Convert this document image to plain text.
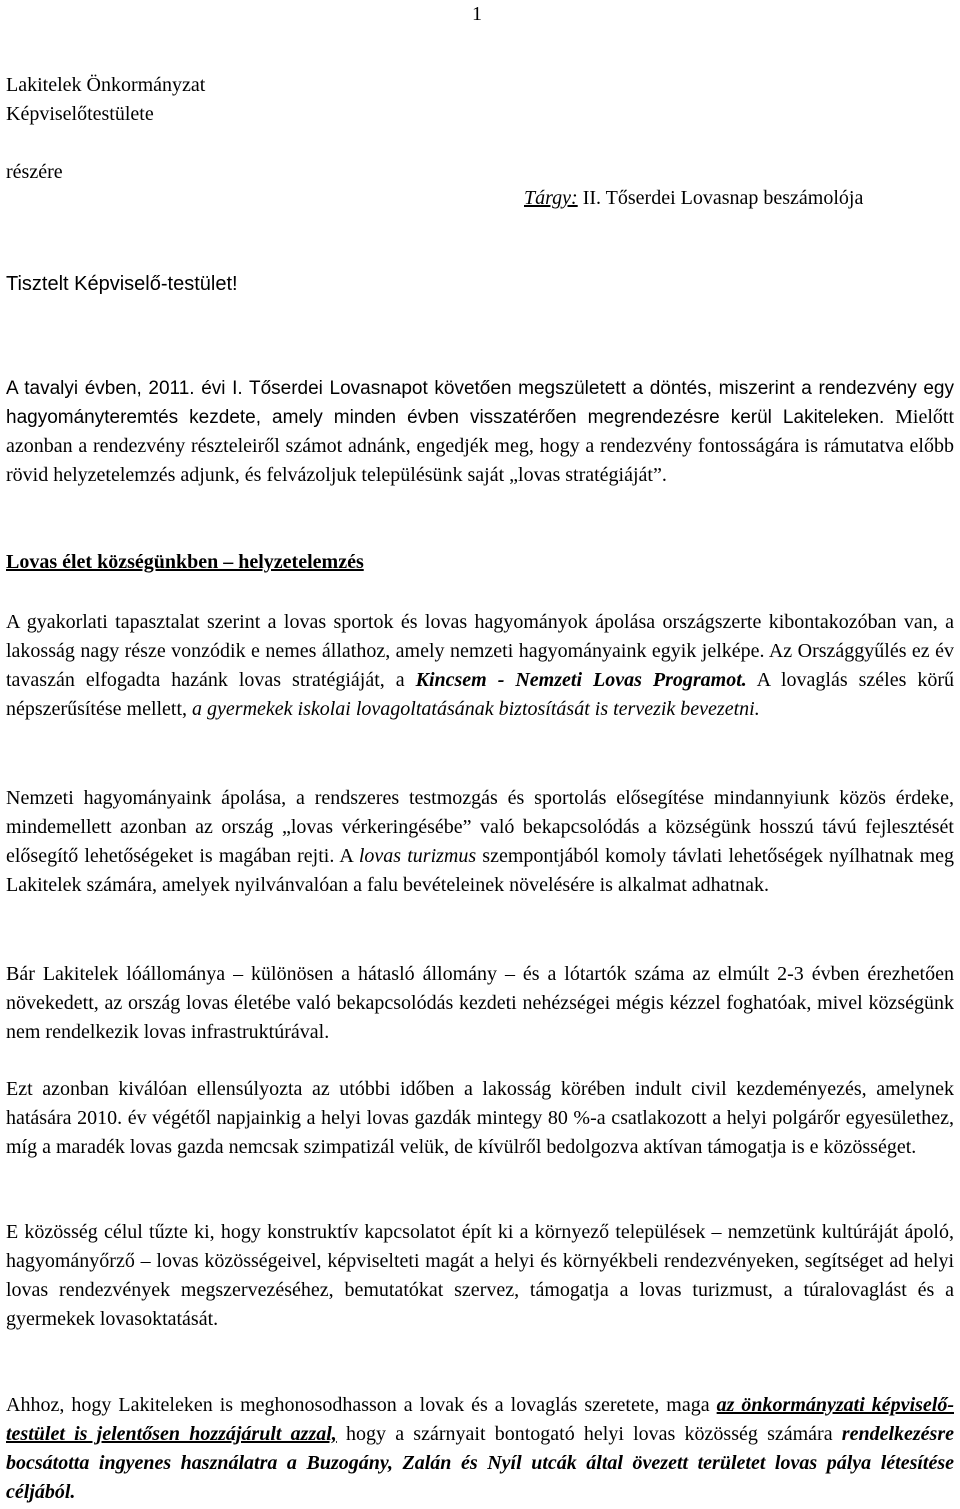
1
Lakitelek Önkormányzat
Képviselőtestülete
részére
Tárgy: II. Tőserdei Lovasnap beszámolója
Tisztelt Képviselő-testület!

A tavalyi évben, 2011. évi I. Tőserdei Lovasnapot követően megszületett a döntés, miszerint a rendezvény egy hagyományteremtés kezdete, amely minden évben visszatérően megrendezésre kerül Lakiteleken. Mielőtt azonban a rendezvény részteleiről számot adnánk, engedjék meg, hogy a rendezvény fontosságára is rámutatva előbb rövid helyzetelemzés adjunk, és felvázoljuk településünk saját „lovas stratégiáját”.

Lovas élet községünkben – helyzetelemzés

A gyakorlati tapasztalat szerint a lovas sportok és lovas hagyományok ápolása országszerte kibontakozóban van, a lakosság nagy része vonzódik e nemes állathoz, amely nemzeti hagyományaink egyik jelképe. Az Országgyűlés ez év tavaszán elfogadta hazánk lovas stratégiáját, a Kincsem - Nemzeti Lovas Programot. A lovaglás széles körű népszerűsítése mellett, a gyermekek iskolai lovagoltatásának biztosítását is tervezik bevezetni.

Nemzeti hagyományaink ápolása, a rendszeres testmozgás és sportolás elősegítése mindannyiunk közös érdeke, mindemellett azonban az ország „lovas vérkeringésébe” való bekapcsolódás a községünk hosszú távú fejlesztését elősegítő lehetőségeket is magában rejti. A lovas turizmus szempontjából komoly távlati lehetőségek nyílhatnak meg Lakitelek számára, amelyek nyilvánvalóan a falu bevételeinek növelésére is alkalmat adhatnak.

Bár Lakitelek lóállománya – különösen a hátasló állomány – és a lótartók száma az elmúlt 2-3 évben érezhetően növekedett, az ország lovas életébe való bekapcsolódás kezdeti nehézségei mégis kézzel foghatóak, mivel községünk nem rendelkezik lovas infrastruktúrával.

Ezt azonban kiválóan ellensúlyozta az utóbbi időben a lakosság körében indult civil kezdeményezés, amelynek hatására 2010. év végétől napjainkig a helyi lovas gazdák mintegy 80 %-a csatlakozott a helyi polgárőr egyesülethez, míg a maradék lovas gazda nemcsak szimpatizál velük, de kívülről bedolgozva aktívan támogatja is e közösséget.

E közösség célul tűzte ki, hogy konstruktív kapcsolatot épít ki a környező települések – nemzetünk kultúráját ápoló, hagyományőrző – lovas közösségeivel, képviselteti magát a helyi és környékbeli rendezvényeken, segítséget ad helyi lovas rendezvények megszervezéséhez, bemutatókat szervez, támogatja a lovas turizmust, a túralovaglást és a gyermekek lovasoktatását.

Ahhoz, hogy Lakiteleken is meghonosodhasson a lovak és a lovaglás szeretete, maga az önkormányzati képviselő-testület is jelentősen hozzájárult azzal, hogy a szárnyait bontogató helyi lovas közösség számára rendelkezésre bocsátotta ingyenes használatra a Buzogány, Zalán és Nyíl utcák által övezett területet lovas pálya létesítése céljából.
